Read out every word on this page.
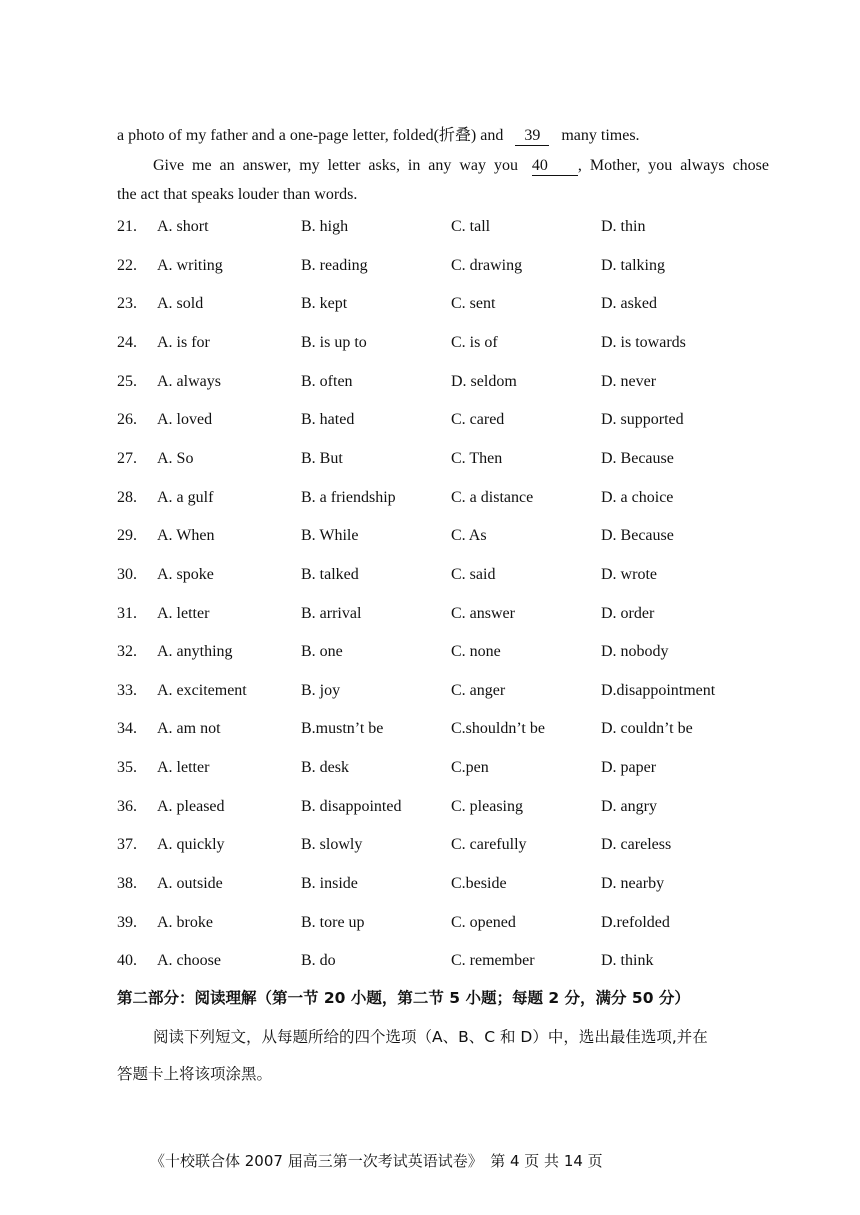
a photo of my father and a one-page letter, folded(折叠) and 39 many times.
Give me an answer, my letter asks, in any way you 40 , Mother, you always chose
the act that speaks louder than words.
21. A. short	B. high	C. tall	D. thin
22. A. writing	B. reading	C. drawing	D. talking
23. A. sold	B. kept	C. sent	D. asked
24. A. is for	B. is up to	C. is of	D. is towards
25. A. always	B. often	D. seldom	D. never
26. A. loved	B. hated	C. cared	D. supported
27. A. So	B. But	C. Then	D. Because
28. A. a gulf	B. a friendship	C. a distance	D. a choice
29. A. When	B. While	C. As	D. Because
30. A. spoke	B. talked	C. said	D. wrote
31. A. letter	B. arrival	C. answer	D. order
32. A. anything	B. one	C. none	D. nobody
33. A. excitement	B. joy	C. anger	D.disappointment
34. A. am not	B.mustn’t be	C.shouldn’t be	D. couldn’t be
35. A. letter	B. desk	C.pen	D. paper
36. A. pleased	B. disappointed	C. pleasing	D. angry
37. A. quickly	B. slowly	C. carefully	D. careless
38. A. outside	B. inside	C.beside	D. nearby
39. A. broke	B. tore up	C. opened	D.refolded
40. A. choose	B. do	C. remember	D. think
第二部分：阅读理解（第一节 20 小题，第二节 5 小题；每题 2 分，满分 50 分）
阅读下列短文，从每题所给的四个选项（A、B、C 和 D）中，选出最佳选项,并在
答题卡上将该项涂黑。
《十校联合体 2007 届高三第一次考试英语试卷》　第 4 页 共 14 页
